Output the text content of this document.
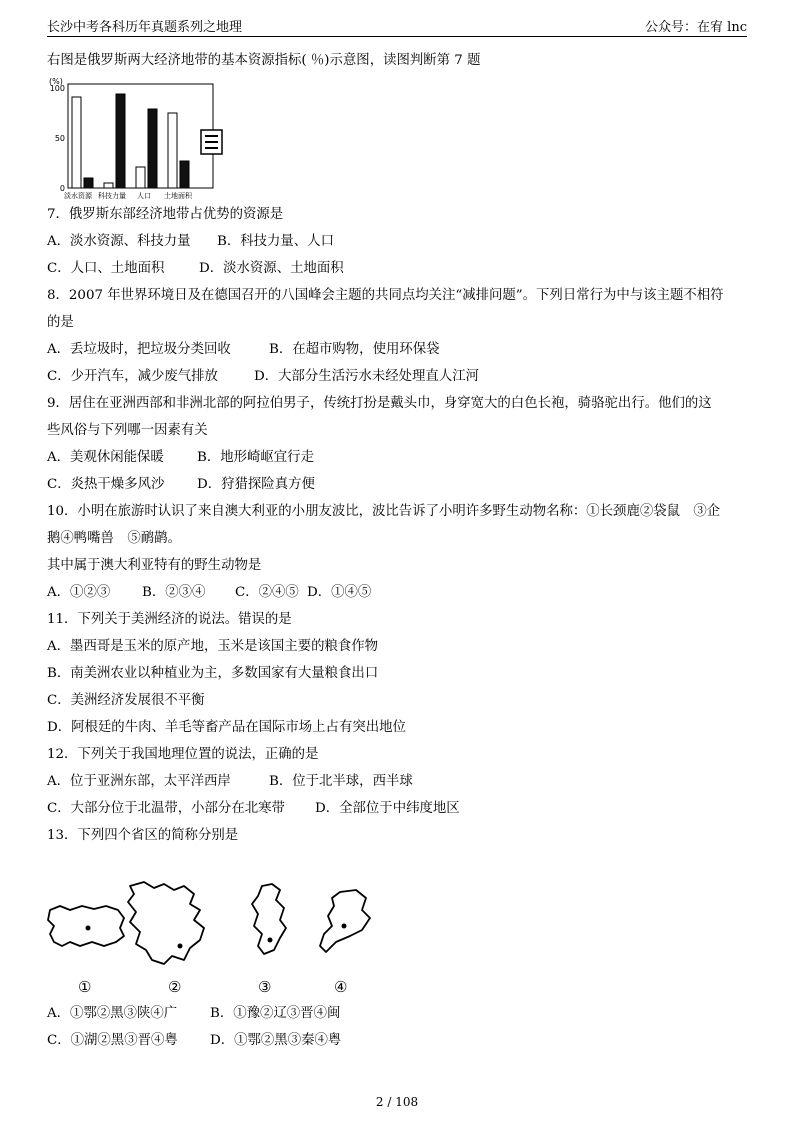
长沙中考各科历年真题系列之地理	公众号：在宥 lnc
右图是俄罗斯两大经济地带的基本资源指标( ％)示意图，读图判断第 7 题
(%)
100
50
0
淡水资源 科技力量 人口 土地面积
7．俄罗斯东部经济地带占优势的资源是
A．淡水资源、科技力量 B．科技力量、人口
C．人口、土地面积	D．淡水资源、土地面积
8．2007 年世界环境日及在德国召开的八国峰会主题的共同点均关注“减排问题”。下列日常行为中与该主题不相符
的是
A．丢垃圾时，把垃圾分类回收	B．在超市购物，使用环保袋
C．少开汽车，减少废气排放	D．大部分生活污水未经处理直人江河
9．居住在亚洲西部和非洲北部的阿拉伯男子，传统打扮是戴头巾，身穿宽大的白色长袍，骑骆驼出行。他们的这
些风俗与下列哪一因素有关
A．美观休闲能保暖 B．地形崎岖宜行走
C．炎热干燥多风沙 D．狩猎探险真方便
10．小明在旅游时认识了来自澳大利亚的小朋友波比，波比告诉了小明许多野生动物名称：①长颈鹿②袋鼠　③企
鹅④鸭嘴兽　⑤鸸鹋。
其中属于澳大利亚特有的野生动物是
A．①②③ B．②③④ C．②④⑤ D．①④⑤
11．下列关于美洲经济的说法。错误的是
A．墨西哥是玉米的原产地，玉米是该国主要的粮食作物
B．南美洲农业以种植业为主，多数国家有大量粮食出口
C．美洲经济发展很不平衡
D．阿根廷的牛肉、羊毛等畜产品在国际市场上占有突出地位
12．下列关于我国地理位置的说法，正确的是
A．位于亚洲东部，太平洋西岸	B．位于北半球，西半球
C．大部分位于北温带，小部分在北寒带 D．全部位于中纬度地区
13．下列四个省区的简称分别是
①	②	③	④
A．①鄂②黑③陕④广 B．①豫②辽③晋④闽
C．①湖②黑③晋④粤 D．①鄂②黑③秦④粤
2 / 108
